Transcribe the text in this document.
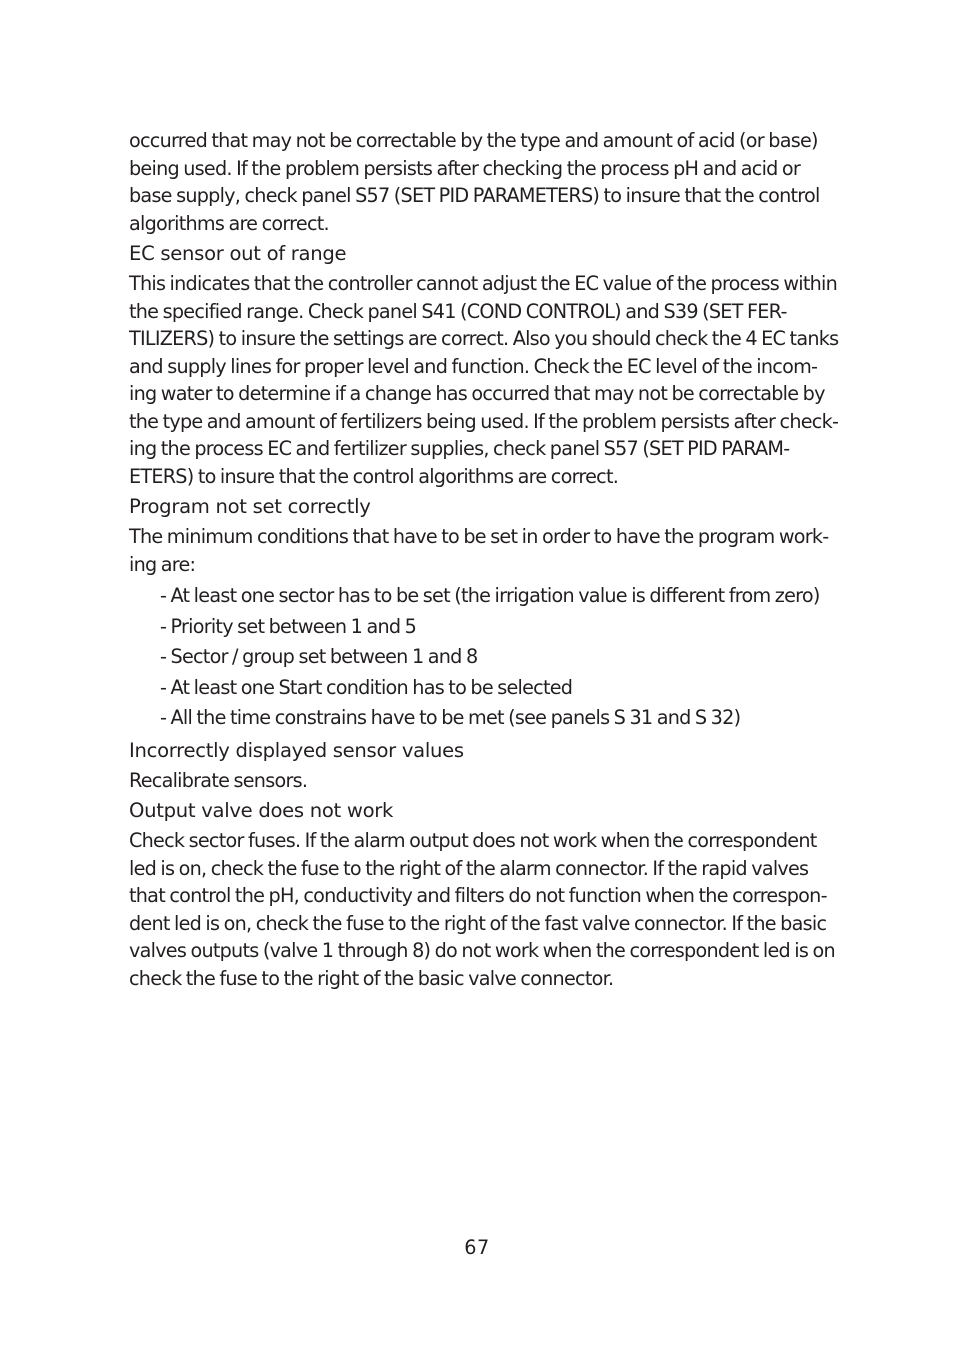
occurred that may not be correctable by the type and amount of acid (or base)
being used. If the problem persists after checking the process pH and acid or
base supply, check panel S57 (SET PID PARAMETERS) to insure that the control
algorithms are correct.
EC sensor out of range
This indicates that the controller cannot adjust the EC value of the process within
the specified range. Check panel S41 (COND CONTROL) and S39 (SET FER-
TILIZERS) to insure the settings are correct. Also you should check the 4 EC tanks
and supply lines for proper level and function. Check the EC level of the incom-
ing water to determine if a change has occurred that may not be correctable by
the type and amount of fertilizers being used. If the problem persists after check-
ing the process EC and fertilizer supplies, check panel S57 (SET PID PARAM-
ETERS) to insure that the control algorithms are correct.
Program not set correctly
The minimum conditions that have to be set in order to have the program work-
ing are:
- At least one sector has to be set (the irrigation value is different from zero)
- Priority set between 1 and 5
- Sector / group set between 1 and 8
- At least one Start condition has to be selected
- All the time constrains have to be met (see panels S 31 and S 32)
Incorrectly displayed sensor values
Recalibrate sensors.
Output valve does not work
Check sector fuses. If the alarm output does not work when the correspondent
led is on, check the fuse to the right of the alarm connector. If the rapid valves
that control the pH, conductivity and filters do not function when the correspon-
dent led is on, check the fuse to the right of the fast valve connector. If the basic
valves outputs (valve 1 through 8) do not work when the correspondent led is on
check the fuse to the right of the basic valve connector.
67
